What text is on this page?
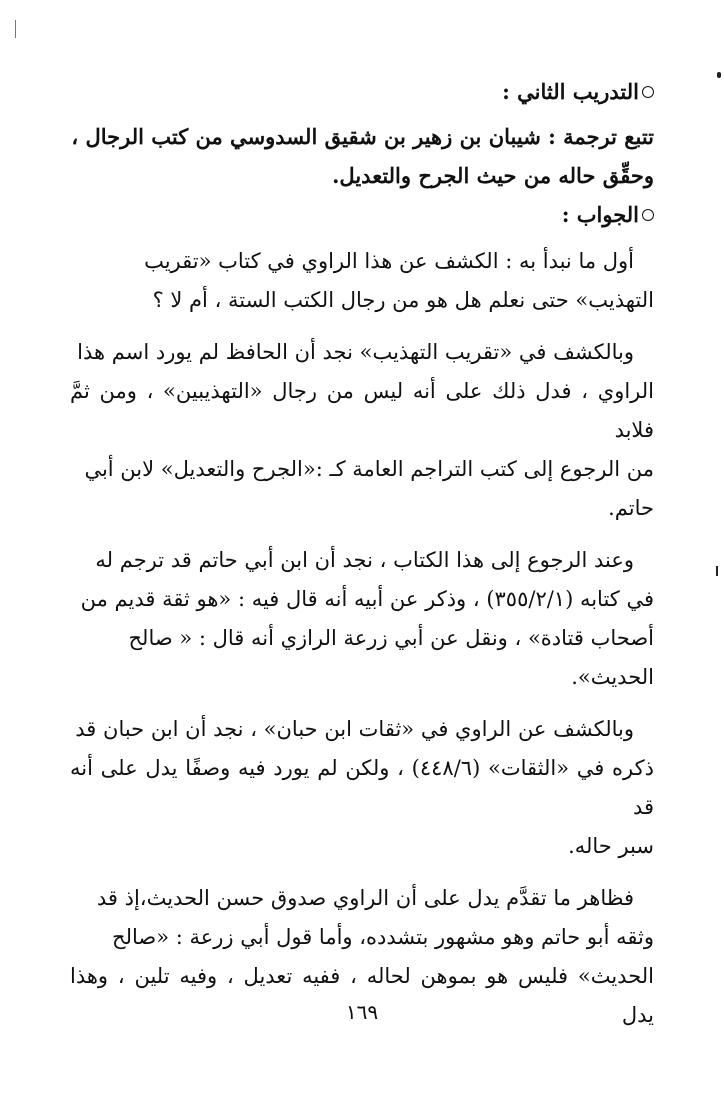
التدريب الثاني :

تتبع ترجمة : شيبان بن زهير بن شقيق السدوسي من كتب الرجال ،

وحقِّق حاله من حيث الجرح والتعديل.

الجواب :

أول ما نبدأ به : الكشف عن هذا الراوي في كتاب «تقريب

التهذيب» حتى نعلم هل هو من رجال الكتب الستة ، أم لا ؟

وبالكشف في «تقريب التهذيب» نجد أن الحافظ لم يورد اسم هذا

الراوي ، فدل ذلك على أنه ليس من رجال «التهذيبين» ، ومن ثمَّ فلابد

من الرجوع إلى كتب التراجم العامة كـ :«الجرح والتعديل» لابن أبي

حاتم.

وعند الرجوع إلى هذا الكتاب ، نجد أن ابن أبي حاتم قد ترجم له

في كتابه (٣٥٥/٢/١) ، وذكر عن أبيه أنه قال فيه : «هو ثقة قديم من

أصحاب قتادة» ، ونقل عن أبي زرعة الرازي أنه قال : « صالح

الحديث».

وبالكشف عن الراوي في «ثقات ابن حبان» ، نجد أن ابن حبان قد

ذكره في «الثقات» (٤٤٨/٦) ، ولكن لم يورد فيه وصفًا يدل على أنه قد

سبر حاله.

فظاهر ما تقدَّم يدل على أن الراوي صدوق حسن الحديث،إذ قد

وثقه أبو حاتم وهو مشهور بتشدده، وأما قول أبي زرعة : «صالح

الحديث» فليس هو بموهن لحاله ، ففيه تعديل ، وفيه تلين ، وهذا يدل

١٦٩
